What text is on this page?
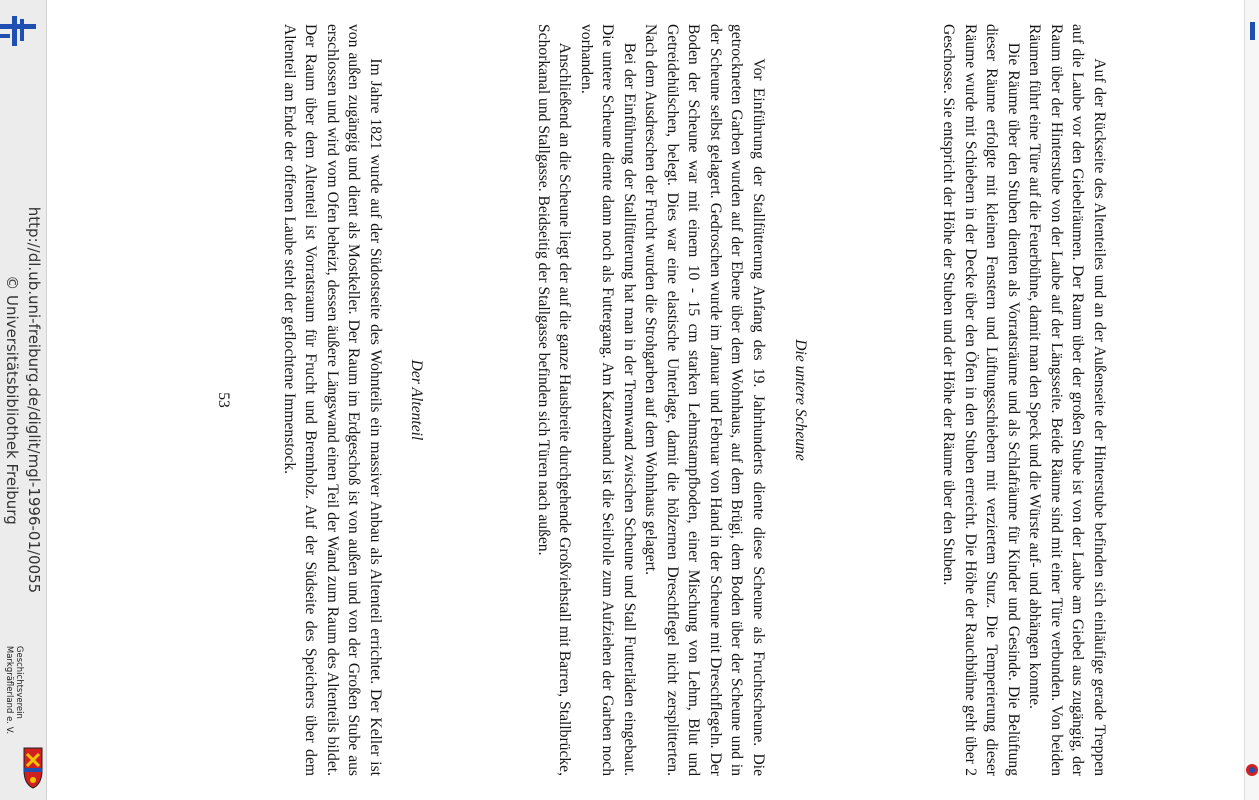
http://dl.ub.uni-freiburg.de/diglit/mgl-1996-01/0055
© Universitätsbibliothek Freiburg
Geschichtsverein
Markgräflerland e. V.	Auf der Rückseite des Altenteiles und an der Außenseite der Hinterstube befinden sich einläufige gerade Treppen auf die Laube vor den Giebelräumen. Der Raum über der großen Stube ist von der Laube am Giebel aus zugängig, der Raum über der Hinterstube von der Laube auf der Längsseite. Beide Räume sind mit einer Türe verbunden. Von beiden Räumen führt eine Türe auf die Feuerbühne, damit man den Speck und die Würste auf- und abhängen konnte.

Die Räume über den Stuben dienten als Vorratsräume und als Schlafräume für Kinder und Gesinde. Die Belüftung dieser Räume erfolgte mit kleinen Fenstern und Lüftungsschiebern mit verziertem Sturz. Die Temperierung dieser Räume wurde mit Schiebern in der Decke über den Öfen in den Stuben erreicht. Die Höhe der Rauchbühne geht über 2 Geschosse. Sie entspricht der Höhe der Stuben und der Höhe der Räume über den Stuben.

Die untere Scheune

Vor Einführung der Stallfütterung Anfang des 19. Jahrhunderts diente diese Scheune als Fruchtscheune. Die getrockneten Garben wurden auf der Ebene über dem Wohnhaus, auf dem Brügi, dem Boden über der Scheune und in der Scheune selbst gelagert. Gedroschen wurde im Januar und Februar von Hand in der Scheune mit Dreschflegeln. Der Boden der Scheune war mit einem 10 - 15 cm starken Lehmstampfboden, einer Mischung von Lehm, Blut und Getreidehülschen, belegt. Dies war eine elastische Unterlage, damit die hölzernen Dreschflegel nicht zersplitterten. Nach dem Ausdreschen der Frucht wurden die Strohgarben auf dem Wohnhaus gelagert.

Bei der Einführung der Stallfütterung hat man in der Trennwand zwischen Scheune und Stall Futterläden eingebaut. Die untere Scheune diente dann noch als Futtergang. Am Katzenband ist die Seilrolle zum Aufziehen der Garben noch vorhanden.

Anschließend an die Scheune liegt der auf die ganze Hausbreite durchgehende Großviehstall mit Barren, Stallbrücke, Schorkanal und Stallgasse. Beidseitig der Stallgasse befinden sich Türen nach außen.

Der Altenteil

Im Jahre 1821 wurde auf der Südostseite des Wohnteils ein massiver Anbau als Altenteil errichtet. Der Keller ist von außen zugängig und dient als Mostkeller. Der Raum im Erdgeschoß ist von außen und von der Großen Stube aus erschlossen und wird vom Ofen beheizt, dessen äußere Längswand einen Teil der Wand zum Raum des Altenteils bildet. Der Raum über dem Altenteil ist Vorratsraum für Frucht und Brennholz. Auf der Südseite des Speichers über dem Altenteil am Ende der offenen Laube steht der geflochtene Immenstock.

53
